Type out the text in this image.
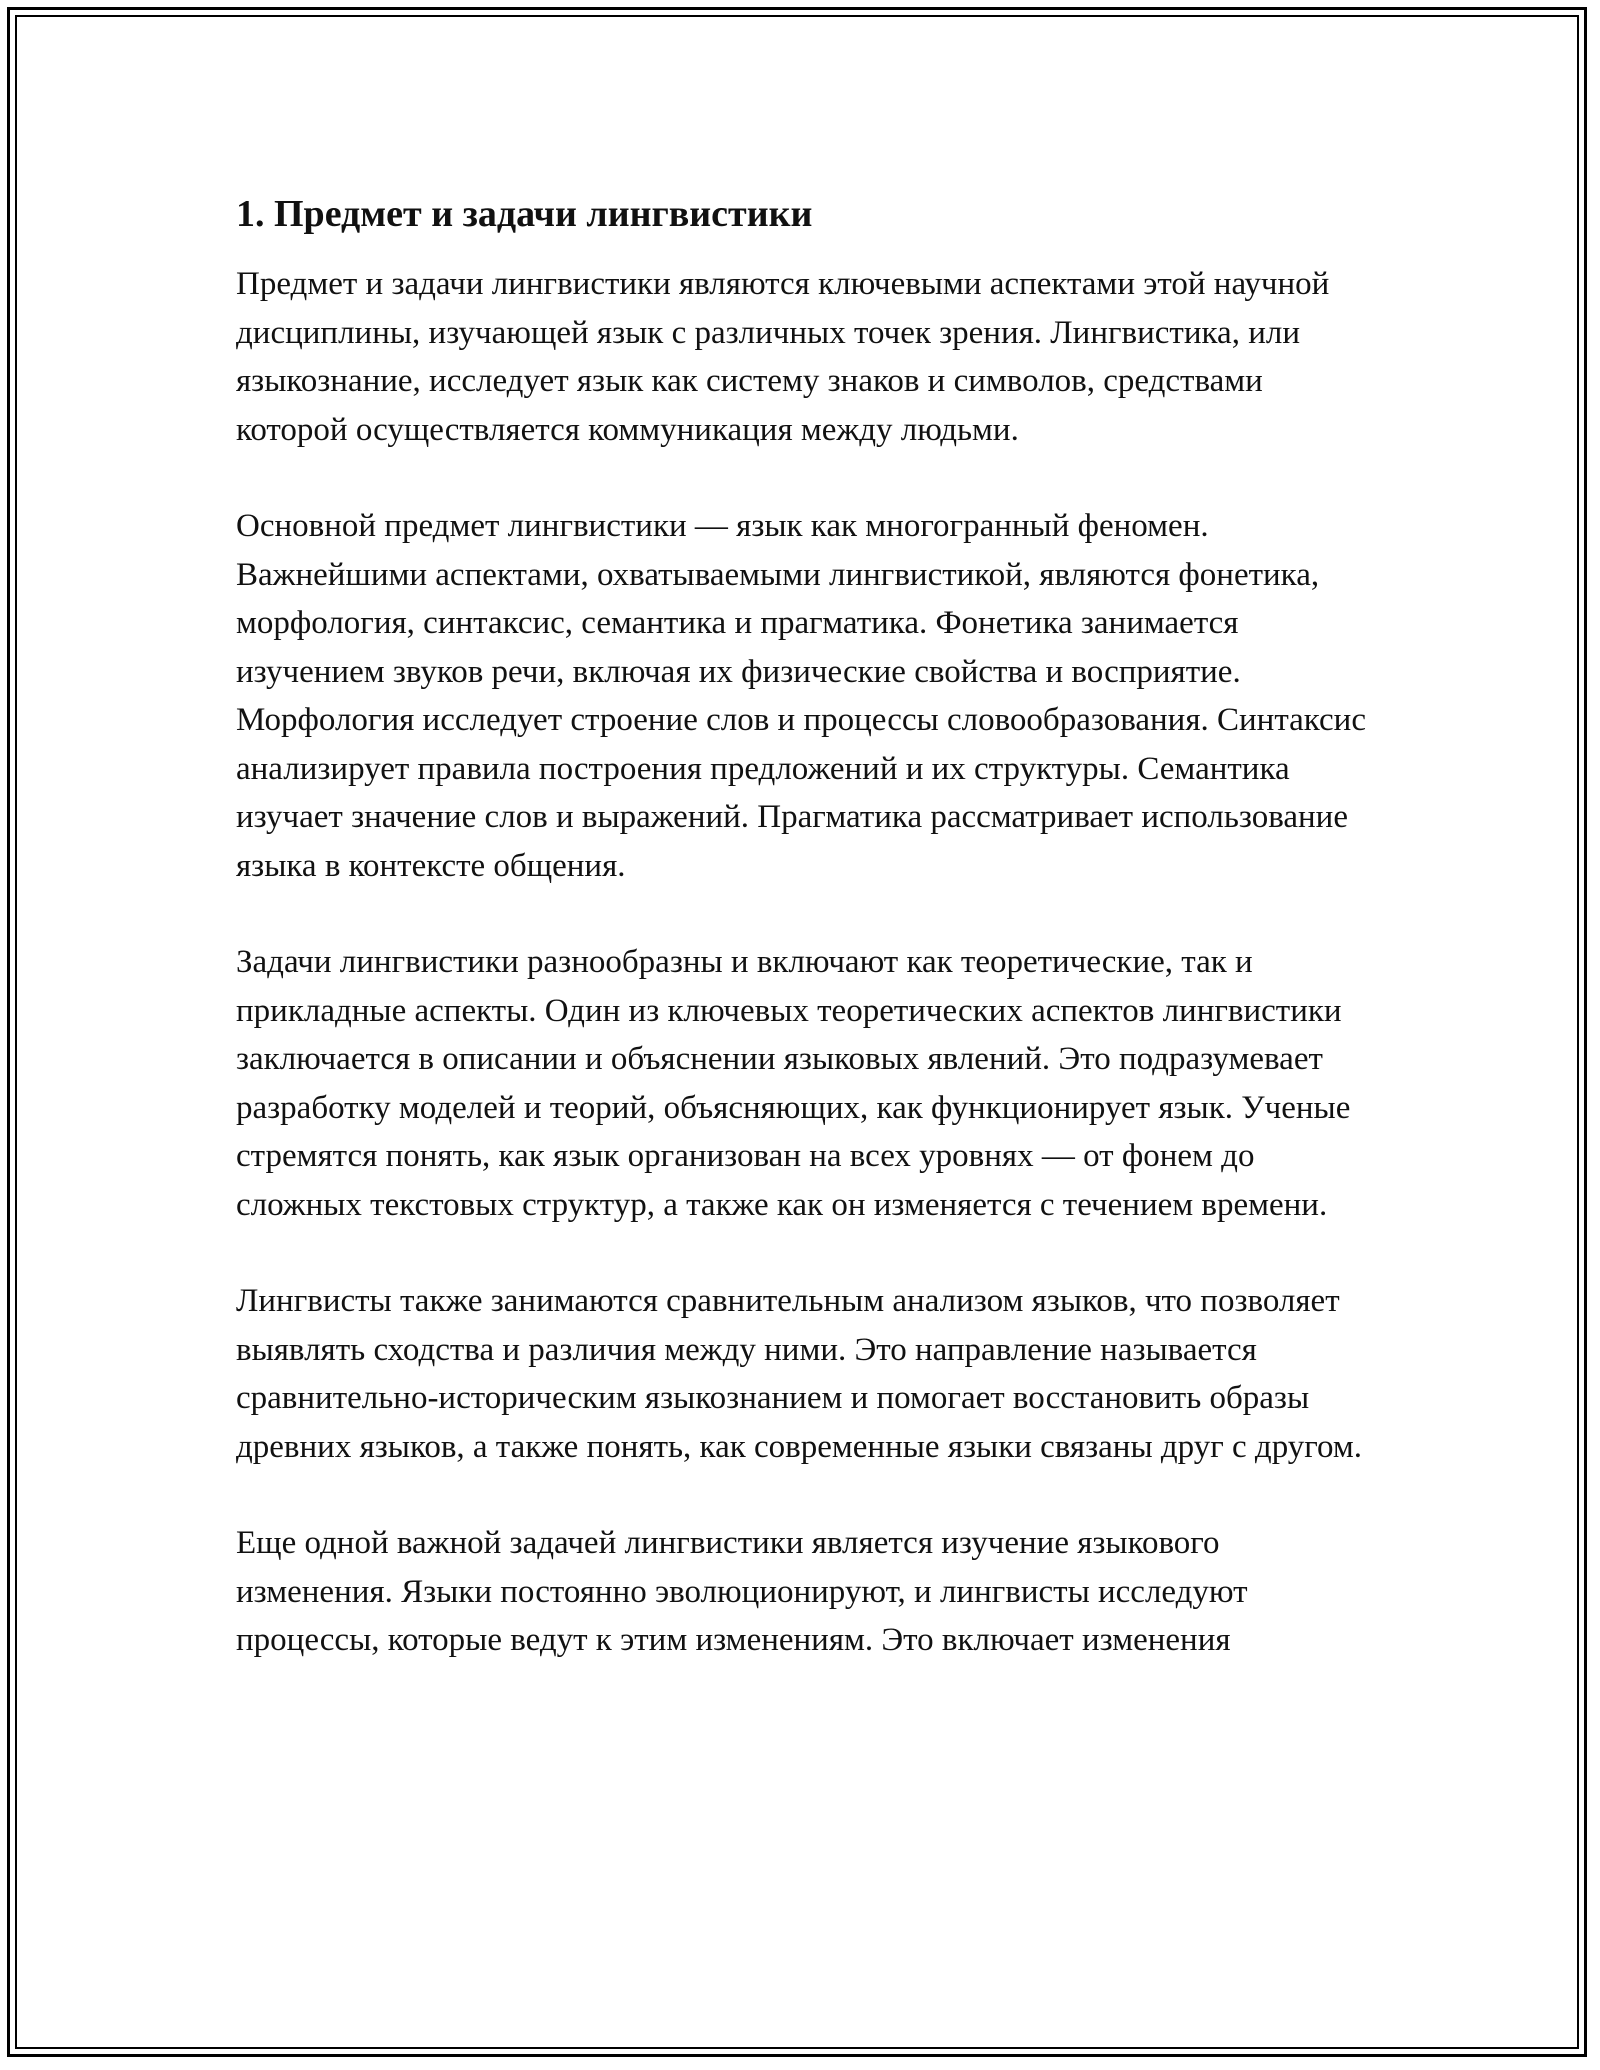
1. Предмет и задачи лингвистики

Предмет и задачи лингвистики являются ключевыми аспектами этой научной дисциплины, изучающей язык с различных точек зрения. Лингвистика, или языкознание, исследует язык как систему знаков и символов, средствами которой осуществляется коммуникация между людьми.

Основной предмет лингвистики — язык как многогранный феномен. Важнейшими аспектами, охватываемыми лингвистикой, являются фонетика, морфология, синтаксис, семантика и прагматика. Фонетика занимается изучением звуков речи, включая их физические свойства и восприятие. Морфология исследует строение слов и процессы словообразования. Синтаксис анализирует правила построения предложений и их структуры. Семантика изучает значение слов и выражений. Прагматика рассматривает использование языка в контексте общения.

Задачи лингвистики разнообразны и включают как теоретические, так и прикладные аспекты. Один из ключевых теоретических аспектов лингвистики заключается в описании и объяснении языковых явлений. Это подразумевает разработку моделей и теорий, объясняющих, как функционирует язык. Ученые стремятся понять, как язык организован на всех уровнях — от фонем до сложных текстовых структур, а также как он изменяется с течением времени.

Лингвисты также занимаются сравнительным анализом языков, что позволяет выявлять сходства и различия между ними. Это направление называется сравнительно-историческим языкознанием и помогает восстановить образы древних языков, а также понять, как современные языки связаны друг с другом.

Еще одной важной задачей лингвистики является изучение языкового изменения. Языки постоянно эволюционируют, и лингвисты исследуют процессы, которые ведут к этим изменениям. Это включает изменения
